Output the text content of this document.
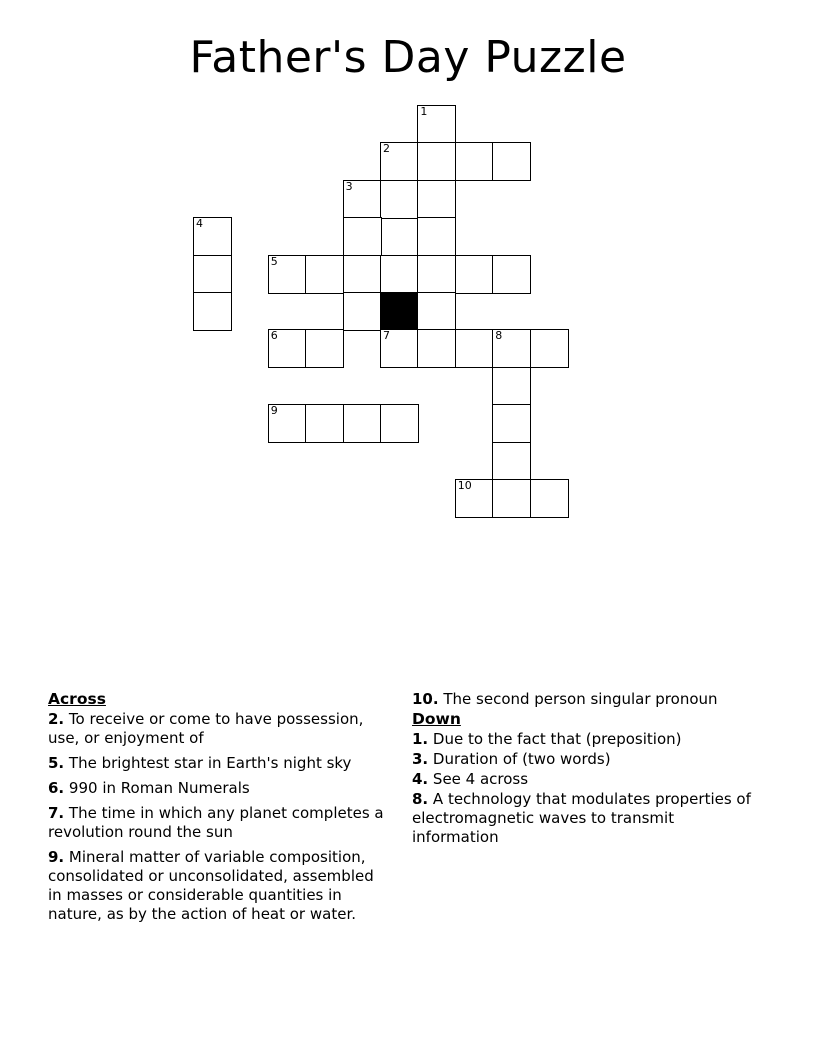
Father's Day Puzzle
1
2
3
4
5
6	7	8
9
10
Across
2. To receive or come to have possession, use, or enjoyment of
5. The brightest star in Earth's night sky
6. 990 in Roman Numerals
7. The time in which any planet completes a revolution round the sun
9. Mineral matter of variable composition, consolidated or unconsolidated, assembled in masses or considerable quantities in nature, as by the action of heat or water.
10. The second person singular pronoun
Down
1. Due to the fact that (preposition)
3. Duration of (two words)
4. See 4 across
8. A technology that modulates properties of electromagnetic waves to transmit information
